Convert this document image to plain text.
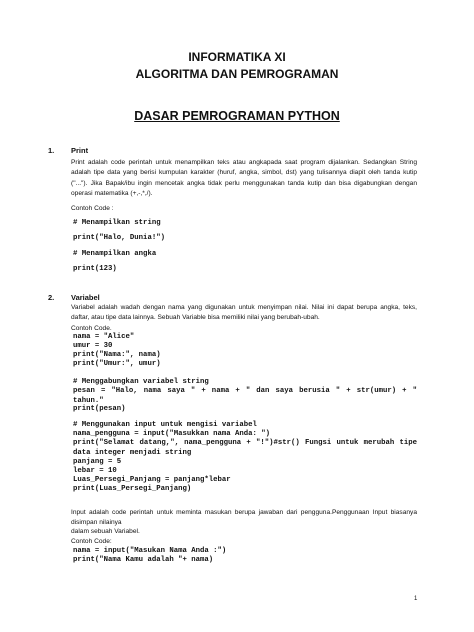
INFORMATIKA XI
ALGORITMA DAN PEMROGRAMAN
DASAR PEMROGRAMAN PYTHON
1. Print
Print adalah code perintah untuk menampilkan teks atau angkapada saat program dijalankan. Sedangkan String adalah tipe data yang berisi kumpulan karakter (huruf, angka, simbol, dst) yang tulisannya diapit oleh tanda kutip ("..."). Jika Bapak/ibu ingin mencetak angka tidak perlu menggunakan tanda kutip dan bisa digabungkan dengan operasi matematika (+,-,*,/).
Contoh Code :
# Menampilkan string
print("Halo, Dunia!")
# Menampilkan angka
print(123)
2. Variabel
Variabel adalah wadah dengan nama yang digunakan untuk menyimpan nilai. Nilai ini dapat berupa angka, teks, daftar, atau tipe data lainnya. Sebuah Variable bisa memiliki nilai yang berubah-ubah.
Contoh Code.
nama = "Alice"
umur = 30
print("Nama:", nama)
print("Umur:", umur)
# Menggabungkan variabel string
pesan = "Halo, nama saya " + nama + " dan saya berusia " + str(umur) + " tahun."
print(pesan)
# Menggunakan input untuk mengisi variabel
nama_pengguna = input("Masukkan nama Anda: ")
print("Selamat datang,", nama_pengguna + "!")#str() Fungsi untuk merubah tipe data integer menjadi string
panjang = 5
lebar = 10
Luas_Persegi_Panjang = panjang*lebar
print(Luas_Persegi_Panjang)
Input adalah code perintah untuk meminta masukan berupa jawaban dari pengguna.Penggunaan Input biasanya disimpan nilainya
dalam sebuah Variabel.
Contoh Code:
nama = input("Masukan Nama Anda :")
print("Nama Kamu adalah "+ nama)
1
